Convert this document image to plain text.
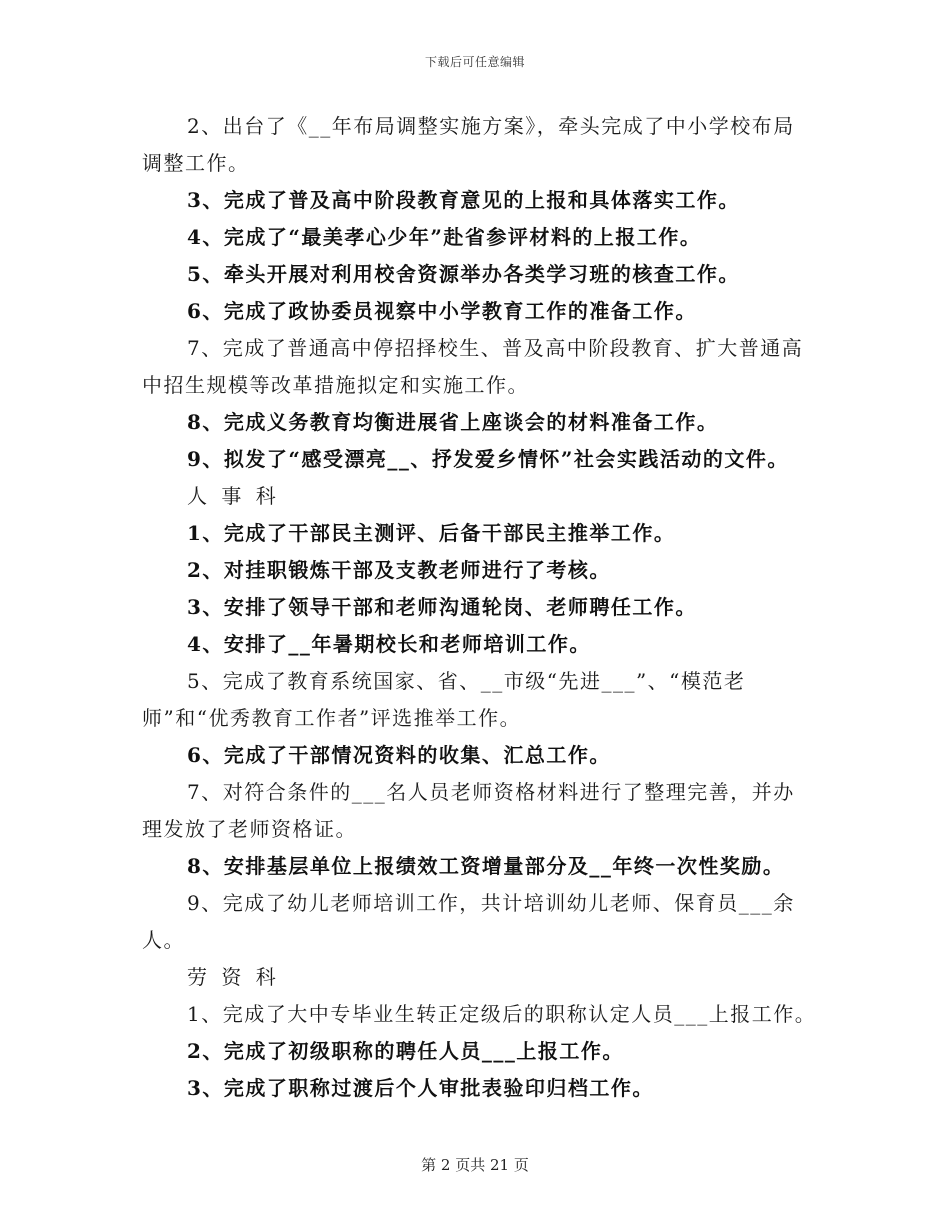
下载后可任意编辑
2、出台了《__年布局调整实施方案》，牵头完成了中小学校布局
调整工作。
3、完成了普及高中阶段教育意见的上报和具体落实工作。
4、完成了“最美孝心少年”赴省参评材料的上报工作。
5、牵头开展对利用校舍资源举办各类学习班的核查工作。
6、完成了政协委员视察中小学教育工作的准备工作。
7、完成了普通高中停招择校生、普及高中阶段教育、扩大普通高
中招生规模等改革措施拟定和实施工作。
8、完成义务教育均衡进展省上座谈会的材料准备工作。
9、拟发了“感受漂亮__、抒发爱乡情怀”社会实践活动的文件。
人 事 科
1、完成了干部民主测评、后备干部民主推举工作。
2、对挂职锻炼干部及支教老师进行了考核。
3、安排了领导干部和老师沟通轮岗、老师聘任工作。
4、安排了__年暑期校长和老师培训工作。
5、完成了教育系统国家、省、__市级“先进___”、“模范老
师”和“优秀教育工作者”评选推举工作。
6、完成了干部情况资料的收集、汇总工作。
7、对符合条件的___名人员老师资格材料进行了整理完善，并办
理发放了老师资格证。
8、安排基层单位上报绩效工资增量部分及__年终一次性奖励。
9、完成了幼儿老师培训工作，共计培训幼儿老师、保育员___余
人。
劳 资 科
1、完成了大中专毕业生转正定级后的职称认定人员___上报工作。
2、完成了初级职称的聘任人员___上报工作。
3、完成了职称过渡后个人审批表验印归档工作。
第 2 页共 21 页
